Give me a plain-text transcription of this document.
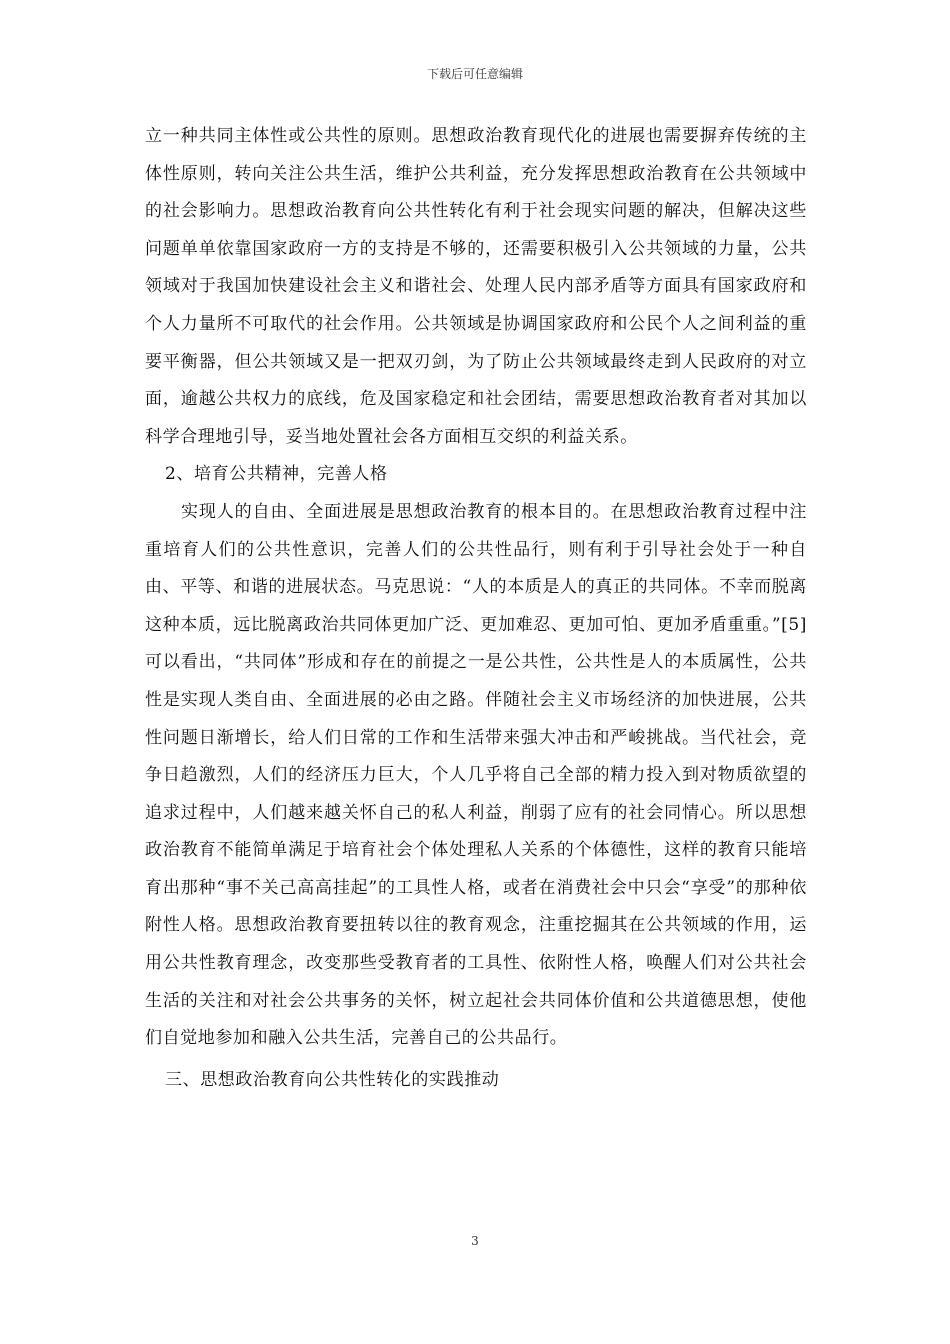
下载后可任意编辑

立一种共同主体性或公共性的原则。思想政治教育现代化的进展也需要摒弃传统的主体性原则，转向关注公共生活，维护公共利益，充分发挥思想政治教育在公共领域中的社会影响力。思想政治教育向公共性转化有利于社会现实问题的解决，但解决这些问题单单依靠国家政府一方的支持是不够的，还需要积极引入公共领域的力量，公共领域对于我国加快建设社会主义和谐社会、处理人民内部矛盾等方面具有国家政府和个人力量所不可取代的社会作用。公共领域是协调国家政府和公民个人之间利益的重要平衡器，但公共领域又是一把双刃剑，为了防止公共领域最终走到人民政府的对立面，逾越公共权力的底线，危及国家稳定和社会团结，需要思想政治教育者对其加以科学合理地引导，妥当地处置社会各方面相互交织的利益关系。

2、培育公共精神，完善人格

实现人的自由、全面进展是思想政治教育的根本目的。在思想政治教育过程中注重培育人们的公共性意识，完善人们的公共性品行，则有利于引导社会处于一种自由、平等、和谐的进展状态。马克思说：“人的本质是人的真正的共同体。不幸而脱离这种本质，远比脱离政治共同体更加广泛、更加难忍、更加可怕、更加矛盾重重。”[5]可以看出，“共同体”形成和存在的前提之一是公共性，公共性是人的本质属性，公共性是实现人类自由、全面进展的必由之路。伴随社会主义市场经济的加快进展，公共性问题日渐增长，给人们日常的工作和生活带来强大冲击和严峻挑战。当代社会，竞争日趋激烈，人们的经济压力巨大，个人几乎将自己全部的精力投入到对物质欲望的追求过程中，人们越来越关怀自己的私人利益，削弱了应有的社会同情心。所以思想政治教育不能简单满足于培育社会个体处理私人关系的个体德性，这样的教育只能培育出那种“事不关己高高挂起”的工具性人格，或者在消费社会中只会“享受”的那种依附性人格。思想政治教育要扭转以往的教育观念，注重挖掘其在公共领域的作用，运用公共性教育理念，改变那些受教育者的工具性、依附性人格，唤醒人们对公共社会生活的关注和对社会公共事务的关怀，树立起社会共同体价值和公共道德思想，使他们自觉地参加和融入公共生活，完善自己的公共品行。

三、思想政治教育向公共性转化的实践推动

3
